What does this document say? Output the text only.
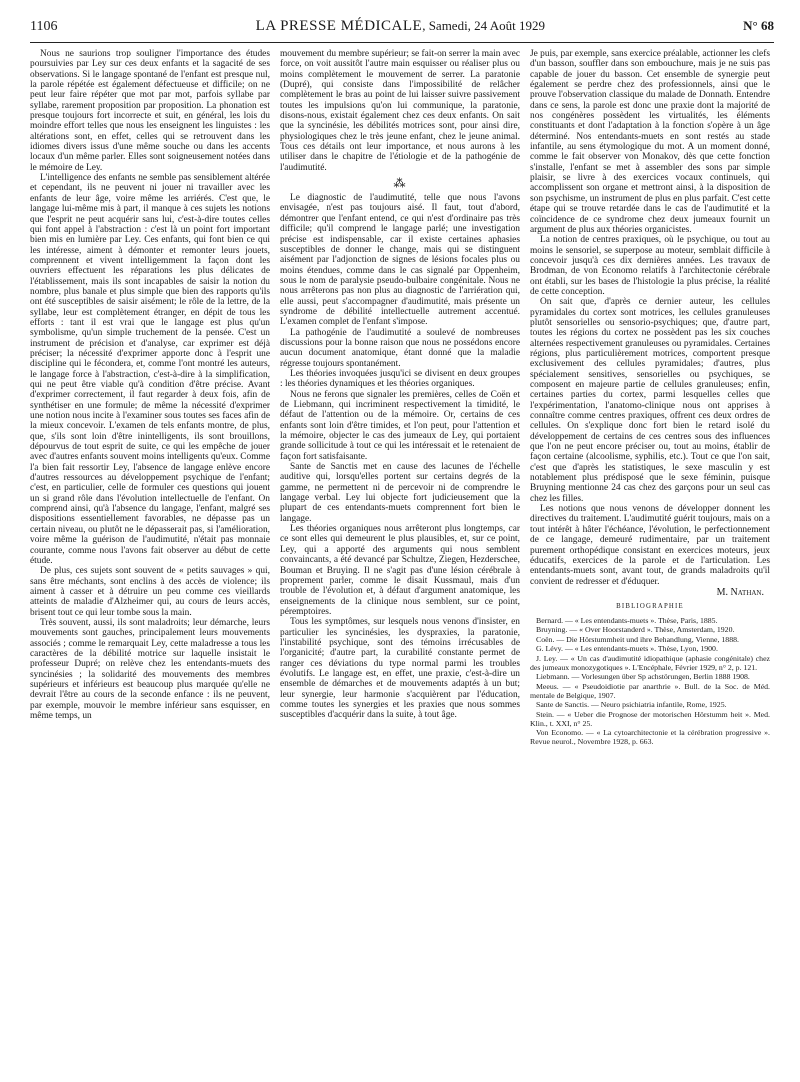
1106	LA PRESSE MÉDICALE, Samedi, 24 Août 1929	N° 68

Nous ne saurions trop souligner l'importance des études poursuivies par Ley sur ces deux enfants et la sagacité de ses observations. Si le langage spontané de l'enfant est presque nul, la parole répétée est également défectueuse et difficile; on ne peut leur faire répéter que mot par mot, parfois syllabe par syllabe, rarement proposition par proposition. La phonation est presque toujours fort incorrecte et suit, en général, les lois du moindre effort telles que nous les enseignent les linguistes : les altérations sont, en effet, celles qui se retrouvent dans les idiomes divers issus d'une même souche ou dans les accents locaux d'un même parler. Elles sont soigneusement notées dans le mémoire de Ley.

L'intelligence des enfants ne semble pas sensiblement altérée et cependant, ils ne peuvent ni jouer ni travailler avec les enfants de leur âge, voire même les arriérés. C'est que, le langage lui-même mis à part, il manque à ces sujets les notions que l'esprit ne peut acquérir sans lui, c'est-à-dire toutes celles qui font appel à l'abstraction : c'est là un point fort important bien mis en lumière par Ley. Ces enfants, qui font bien ce qui les intéresse, aiment à démonter et remonter leurs jouets, comprennent et vivent intelligemment la façon dont les ouvriers effectuent les réparations les plus délicates de l'établissement, mais ils sont incapables de saisir la notion du nombre, plus banale et plus simple que bien des rapports qu'ils ont été susceptibles de saisir aisément; le rôle de la lettre, de la syllabe, leur est complètement étranger, en dépit de tous les efforts : tant il est vrai que le langage est plus qu'un symbolisme, qu'un simple truchement de la pensée. C'est un instrument de précision et d'analyse, car exprimer est déjà préciser; la nécessité d'exprimer apporte donc à l'esprit une discipline qui le fécondera, et, comme l'ont montré les auteurs, le langage force à l'abstraction, c'est-à-dire à la simplification, qui ne peut être viable qu'à condition d'être précise. Avant d'exprimer correctement, il faut regarder à deux fois, afin de synthétiser en une formule; de même la nécessité d'exprimer une notion nous incite à l'examiner sous toutes ses faces afin de la mieux concevoir. L'examen de tels enfants montre, de plus, que, s'ils sont loin d'être inintelligents, ils sont brouillons, dépourvus de tout esprit de suite, ce qui les empêche de jouer avec d'autres enfants souvent moins intelligents qu'eux. Comme l'a bien fait ressortir Ley, l'absence de langage enlève encore d'autres ressources au développement psychique de l'enfant; c'est, en particulier, celle de formuler ces questions qui jouent un si grand rôle dans l'évolution intellectuelle de l'enfant. On comprend ainsi, qu'à l'absence du langage, l'enfant, malgré ses dispositions essentiellement favorables, ne dépasse pas un certain niveau, ou plutôt ne le dépasserait pas, si l'amélioration, voire même la guérison de l'audimutité, n'était pas monnaie courante, comme nous l'avons fait observer au début de cette étude.

De plus, ces sujets sont souvent de « petits sauvages » qui, sans être méchants, sont enclins à des accès de violence; ils aiment à casser et à détruire un peu comme ces vieillards atteints de maladie d'Alzheimer qui, au cours de leurs accès, brisent tout ce qui leur tombe sous la main.

Très souvent, aussi, ils sont maladroits; leur démarche, leurs mouvements sont gauches, principalement leurs mouvements associés ; comme le remarquait Ley, cette maladresse a tous les caractères de la débilité motrice sur laquelle insistait le professeur Dupré; on relève chez les entendants-muets des syncinésies ; la solidarité des mouvements des membres supérieurs et inférieurs est beaucoup plus marquée qu'elle ne devrait l'être au cours de la seconde enfance : ils ne peuvent, par exemple, mouvoir le membre inférieur sans esquisser, en même temps, un

mouvement du membre supérieur; se fait-on serrer la main avec force, on voit aussitôt l'autre main esquisser ou réaliser plus ou moins complètement le mouvement de serrer. La paratonie (Dupré), qui consiste dans l'impossibilité de relâcher complètement le bras au point de lui laisser suivre passivement toutes les impulsions qu'on lui communique, la paratonie, disons-nous, existait également chez ces deux enfants. On sait que la syncinésie, les débilités motrices sont, pour ainsi dire, physiologiques chez le très jeune enfant, chez le jeune animal. Tous ces détails ont leur importance, et nous aurons à les utiliser dans le chapitre de l'étiologie et de la pathogénie de l'audimutité.

⁂

Le diagnostic de l'audimutité, telle que nous l'avons envisagée, n'est pas toujours aisé. Il faut, tout d'abord, démontrer que l'enfant entend, ce qui n'est d'ordinaire pas très difficile; qu'il comprend le langage parlé; une investigation précise est indispensable, car il existe certaines aphasies susceptibles de donner le change, mais qui se distinguent aisément par l'adjonction de signes de lésions focales plus ou moins étendues, comme dans le cas signalé par Oppenheim, sous le nom de paralysie pseudo-bulbaire congénitale. Nous ne nous arrêterons pas non plus au diagnostic de l'arriération qui, elle aussi, peut s'accompagner d'audimutité, mais présente un syndrome de débilité intellectuelle autrement accentué. L'examen complet de l'enfant s'impose.

La pathogénie de l'audimutité a soulevé de nombreuses discussions pour la bonne raison que nous ne possédons encore aucun document anatomique, étant donné que la maladie régresse toujours spontanément.

Les théories invoquées jusqu'ici se divisent en deux groupes : les théories dynamiques et les théories organiques.

Nous ne ferons que signaler les premières, celles de Coën et de Liebmann, qui incriminent respectivement la timidité, le défaut de l'attention ou de la mémoire. Or, certains de ces enfants sont loin d'être timides, et l'on peut, pour l'attention et la mémoire, objecter le cas des jumeaux de Ley, qui portaient grande sollicitude à tout ce qui les intéressait et le retenaient de façon fort satisfaisante.

Sante de Sanctis met en cause des lacunes de l'échelle auditive qui, lorsqu'elles portent sur certains degrés de la gamme, ne permettent ni de percevoir ni de comprendre le langage verbal. Ley lui objecte fort judicieusement que la plupart de ces entendants-muets comprennent fort bien le langage.

Les théories organiques nous arrêteront plus longtemps, car ce sont elles qui demeurent le plus plausibles, et, sur ce point, Ley, qui a apporté des arguments qui nous semblent convaincants, a été devancé par Schultze, Ziegen, Hezderschee, Bouman et Bruying. Il ne s'agit pas d'une lésion cérébrale à proprement parler, comme le disait Kussmaul, mais d'un trouble de l'évolution et, à défaut d'argument anatomique, les enseignements de la clinique nous semblent, sur ce point, péremptoires.

Tous les symptômes, sur lesquels nous venons d'insister, en particulier les syncinésies, les dyspraxies, la paratonie, l'instabilité psychique, sont des témoins irrécusables de l'organicité; d'autre part, la curabilité constante permet de ranger ces déviations du type normal parmi les troubles évolutifs. Le langage est, en effet, une praxie, c'est-à-dire un ensemble de démarches et de mouvements adaptés à un but; leur synergie, leur harmonie s'acquièrent par l'éducation, comme toutes les synergies et les praxies que nous sommes susceptibles d'acquérir dans la suite, à tout âge.

Je puis, par exemple, sans exercice préalable, actionner les clefs d'un basson, souffler dans son embouchure, mais je ne suis pas capable de jouer du basson. Cet ensemble de synergie peut également se perdre chez des professionnels, ainsi que le prouve l'observation classique du malade de Donnath. Entendre dans ce sens, la parole est donc une praxie dont la majorité de nos congénères possèdent les virtualités, les éléments constituants et dont l'adaptation à la fonction s'opère à un âge déterminé. Nos entendants-muets en sont restés au stade infantile, au sens étymologique du mot. A un moment donné, comme le fait observer von Monakov, dès que cette fonction s'installe, l'enfant se met à assembler des sons par simple plaisir, se livre à des exercices vocaux continuels, qui accomplissent son organe et mettront ainsi, à la disposition de son psychisme, un instrument de plus en plus parfait. C'est cette étape qui se trouve retardée dans le cas de l'audimutité et la coïncidence de ce syndrome chez deux jumeaux fournit un argument de plus aux théories organicistes.

La notion de centres praxiques, où le psychique, ou tout au moins le sensoriel, se superpose au moteur, semblait difficile à concevoir jusqu'à ces dix dernières années. Les travaux de Brodman, de von Economo relatifs à l'architectonie cérébrale ont établi, sur les bases de l'histologie la plus précise, la réalité de cette conception.

On sait que, d'après ce dernier auteur, les cellules pyramidales du cortex sont motrices, les cellules granuleuses plutôt sensorielles ou sensorio-psychiques; que, d'autre part, toutes les régions du cortex ne possèdent pas les six couches alternées respectivement granuleuses ou pyramidales. Certaines régions, plus particulièrement motrices, comportent presque exclusivement des cellules pyramidales; d'autres, plus spécialement sensitives, sensorielles ou psychiques, se composent en majeure partie de cellules granuleuses; enfin, certaines parties du cortex, parmi lesquelles celles que l'expérimentation, l'anatomo-clinique nous ont apprises à connaître comme centres praxiques, offrent ces deux ordres de cellules. On s'explique donc fort bien le retard isolé du développement de certains de ces centres sous des influences que l'on ne peut encore préciser ou, tout au moins, établir de façon certaine (alcoolisme, syphilis, etc.). Tout ce que l'on sait, c'est que d'après les statistiques, le sexe masculin y est notablement plus prédisposé que le sexe féminin, puisque Bruyning mentionne 24 cas chez des garçons pour un seul cas chez les filles.

Les notions que nous venons de développer donnent les directives du traitement. L'audimutité guérit toujours, mais on a tout intérêt à hâter l'échéance, l'évolution, le perfectionnement de ce langage, demeuré rudimentaire, par un traitement purement orthopédique consistant en exercices moteurs, jeux éducatifs, exercices de la parole et de l'articulation. Les entendants-muets sont, avant tout, de grands maladroits qu'il convient de redresser et d'éduquer.

M. Nathan.
BIBLIOGRAPHIE

Bernard. — « Les entendants-muets ». Thèse, Paris, 1885.

Bruyning. — « Over Hoorstanderd ». Thèse, Amsterdam, 1920.

Coën. — Die Hörstummheit und ihre Behandlung, Vienne, 1888.

G. Lévy. — « Les entendants-muets ». Thèse, Lyon, 1900.

J. Ley. — « Un cas d'audimutité idiopathique (aphasie congénitale) chez des jumeaux monozygotiques ». L'Encéphale, Février 1929, n° 2, p. 121.

Liebmann. — Vorlesungen über Sp achstörungen, Berlin 1888 1908.

Meeus. — « Pseudoidiotie par anarthrie ». Bull. de la Soc. de Méd. mentale de Belgique, 1907.

Sante de Sanctis. — Neuro psichiatria infantile, Rome, 1925.

Stein. — « Ueber die Prognose der motorischen Hörstumm heit ». Med. Klin., t. XXI, n° 25.

Von Economo. — « La cytoarchitectonie et la cérébration progressive ». Revue neurol., Novembre 1928, p. 663.
